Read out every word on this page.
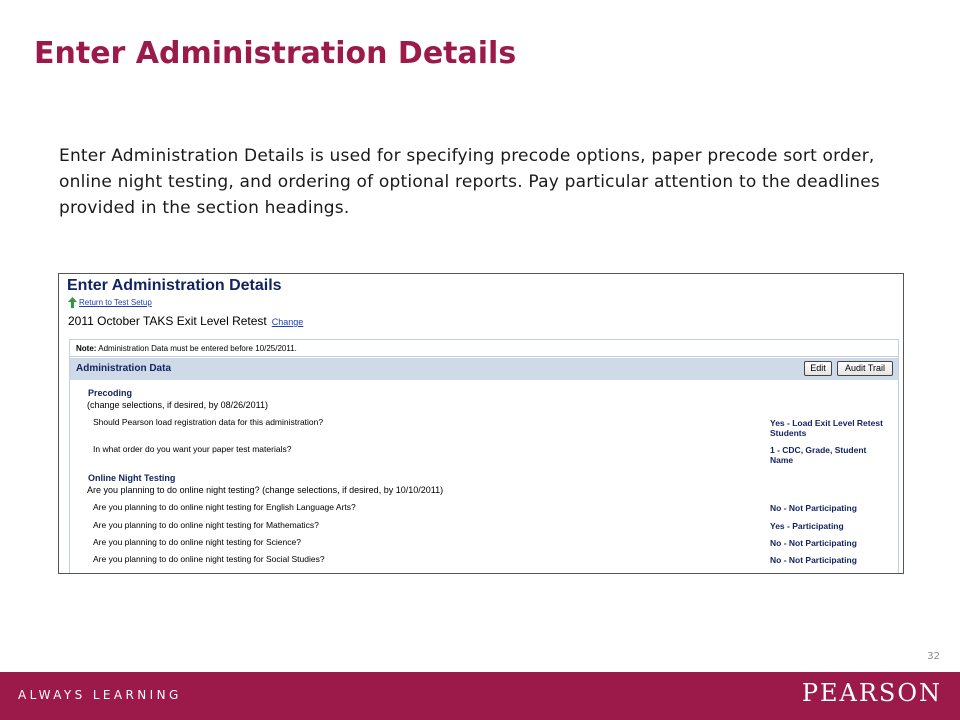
Enter Administration Details

Enter Administration Details is used for specifying precode options, paper precode sort order, online night testing, and ordering of optional reports. Pay particular attention to the deadlines provided in the section headings.

Enter Administration Details
Return to Test Setup
2011 October TAKS Exit Level Retest Change
Note: Administration Data must be entered before 10/25/2011.
Administration Data	Edit	Audit Trail
Precoding
(change selections, if desired, by 08/26/2011)
Should Pearson load registration data for this administration?	Yes - Load Exit Level Retest Students
In what order do you want your paper test materials?	1 - CDC, Grade, Student Name
Online Night Testing
Are you planning to do online night testing? (change selections, if desired, by 10/10/2011)
Are you planning to do online night testing for English Language Arts?	No - Not Participating
Are you planning to do online night testing for Mathematics?	Yes - Participating
Are you planning to do online night testing for Science?	No - Not Participating
Are you planning to do online night testing for Social Studies?	No - Not Participating
32
ALWAYS LEARNING	PEARSON
